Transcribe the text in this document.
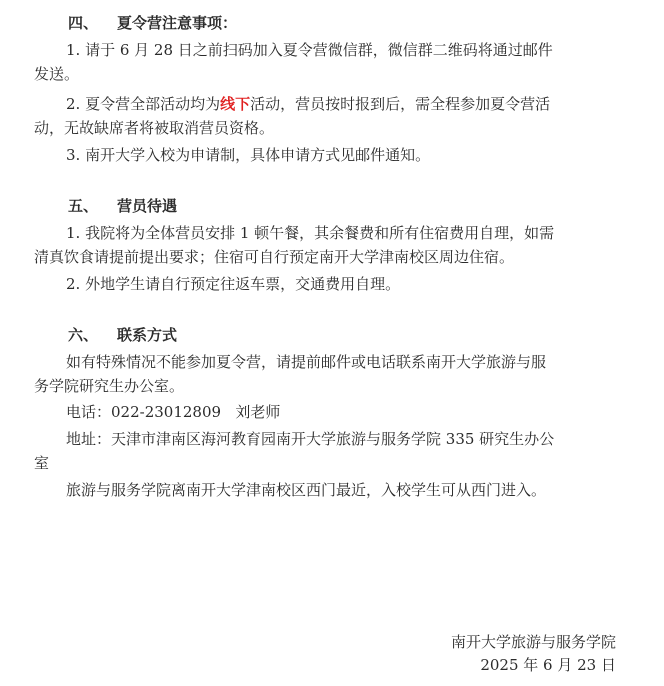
四、 夏令营注意事项：
1. 请于 6 月 28 日之前扫码加入夏令营微信群，微信群二维码将通过邮件
发送。
2. 夏令营全部活动均为线下活动，营员按时报到后，需全程参加夏令营活
动，无故缺席者将被取消营员资格。
3. 南开大学入校为申请制，具体申请方式见邮件通知。
五、 营员待遇
1. 我院将为全体营员安排 1 顿午餐，其余餐费和所有住宿费用自理，如需
清真饮食请提前提出要求；住宿可自行预定南开大学津南校区周边住宿。
2. 外地学生请自行预定往返车票，交通费用自理。
六、 联系方式
如有特殊情况不能参加夏令营，请提前邮件或电话联系南开大学旅游与服
务学院研究生办公室。
电话：022-23012809   刘老师
地址：天津市津南区海河教育园南开大学旅游与服务学院 335 研究生办公
室
旅游与服务学院离南开大学津南校区西门最近，入校学生可从西门进入。
南开大学旅游与服务学院
2025 年 6 月 23 日
